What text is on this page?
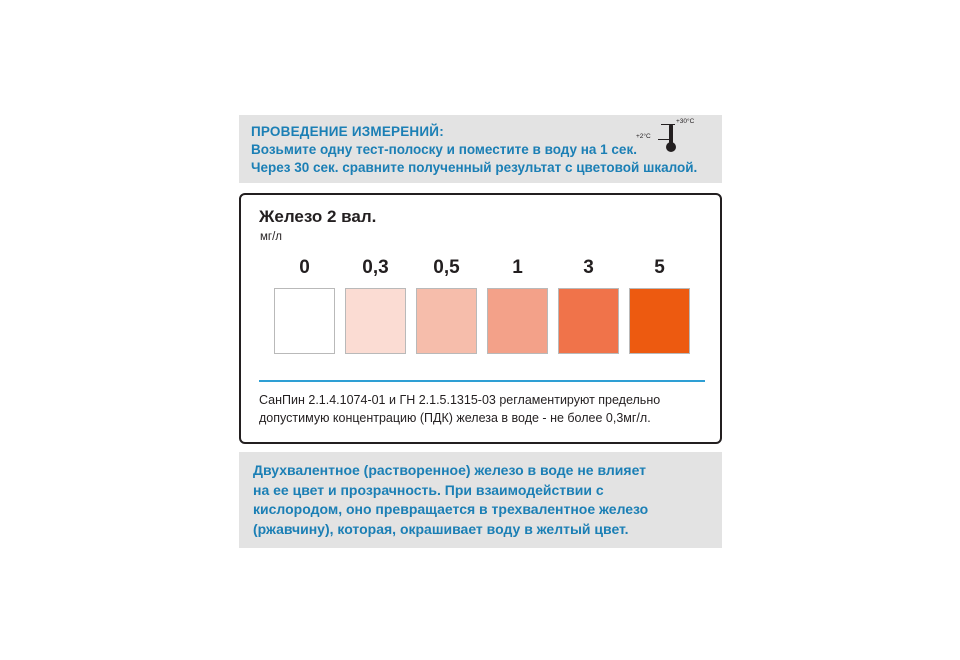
ПРОВЕДЕНИЕ ИЗМЕРЕНИЙ:
Возьмите одну тест-полоску и поместите в воду на 1 сек.
Через 30 сек. сравните полученный результат с цветовой шкалой.
+30°C
+2°C
Железо 2 вал.
мг/л
0	0,3 0,5	1	3	5
СанПин 2.1.4.1074-01 и ГН 2.1.5.1315-03 регламентируют предельно
допустимую концентрацию (ПДК) железа в воде - не более 0,3мг/л.

Двухвалентное (растворенное) железо в воде не влияет

на ее цвет и прозрачность. При взаимодействии с

кислородом, оно превращается в трехвалентное железо

(ржавчину), которая, окрашивает воду в желтый цвет.
